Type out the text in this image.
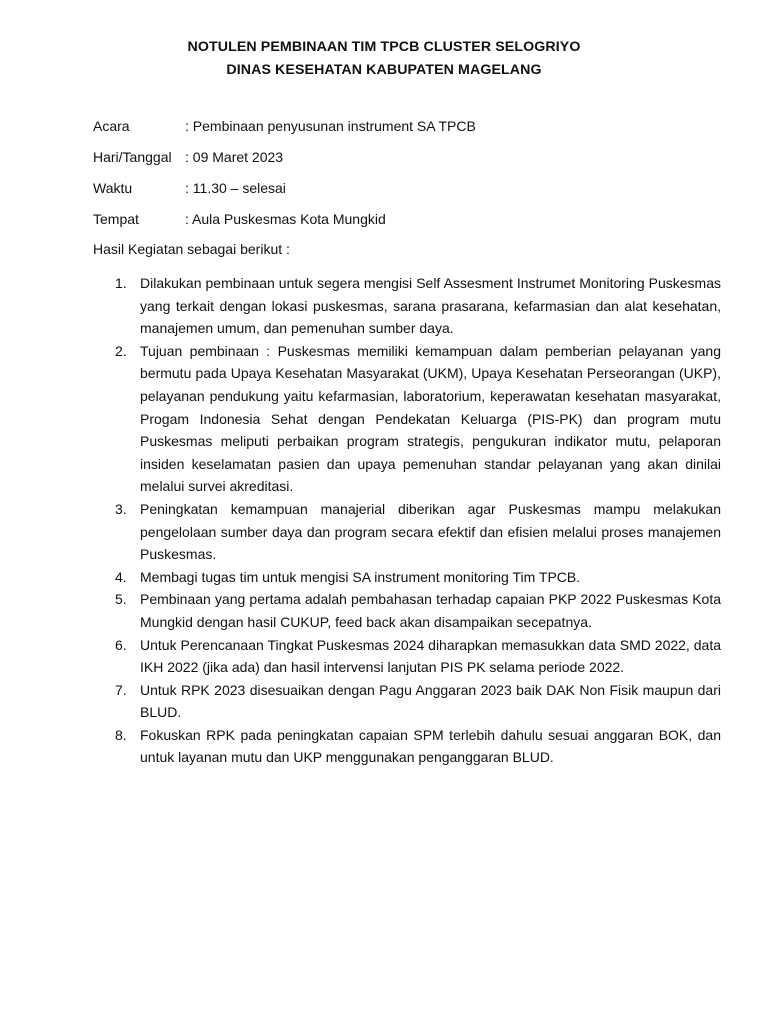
NOTULEN PEMBINAAN TIM TPCB CLUSTER SELOGRIYO
DINAS KESEHATAN KABUPATEN MAGELANG
Acara	: Pembinaan penyusunan instrument SA TPCB
Hari/Tanggal : 09 Maret 2023
Waktu	: 11.30 – selesai
Tempat	: Aula Puskesmas Kota Mungkid
Hasil Kegiatan sebagai berikut :
1. Dilakukan pembinaan untuk segera mengisi Self Assesment Instrumet Monitoring Puskesmas yang terkait dengan lokasi puskesmas, sarana prasarana, kefarmasian dan alat kesehatan, manajemen umum, dan pemenuhan sumber daya.
2. Tujuan pembinaan : Puskesmas memiliki kemampuan dalam pemberian pelayanan yang bermutu pada Upaya Kesehatan Masyarakat (UKM), Upaya Kesehatan Perseorangan (UKP), pelayanan pendukung yaitu kefarmasian, laboratorium, keperawatan kesehatan masyarakat, Progam Indonesia Sehat dengan Pendekatan Keluarga (PIS-PK) dan program mutu Puskesmas meliputi perbaikan program strategis, pengukuran indikator mutu, pelaporan insiden keselamatan pasien dan upaya pemenuhan standar pelayanan yang akan dinilai melalui survei akreditasi.
3. Peningkatan kemampuan manajerial diberikan agar Puskesmas mampu melakukan pengelolaan sumber daya dan program secara efektif dan efisien melalui proses manajemen Puskesmas.
4. Membagi tugas tim untuk mengisi SA instrument monitoring Tim TPCB.
5. Pembinaan yang pertama adalah pembahasan terhadap capaian PKP 2022 Puskesmas Kota Mungkid dengan hasil CUKUP, feed back akan disampaikan secepatnya.
6. Untuk Perencanaan Tingkat Puskesmas 2024 diharapkan memasukkan data SMD 2022, data IKH 2022 (jika ada) dan hasil intervensi lanjutan PIS PK selama periode 2022.
7. Untuk RPK 2023 disesuaikan dengan Pagu Anggaran 2023 baik DAK Non Fisik maupun dari BLUD.
8. Fokuskan RPK pada peningkatan capaian SPM terlebih dahulu sesuai anggaran BOK, dan untuk layanan mutu dan UKP menggunakan penganggaran BLUD.
